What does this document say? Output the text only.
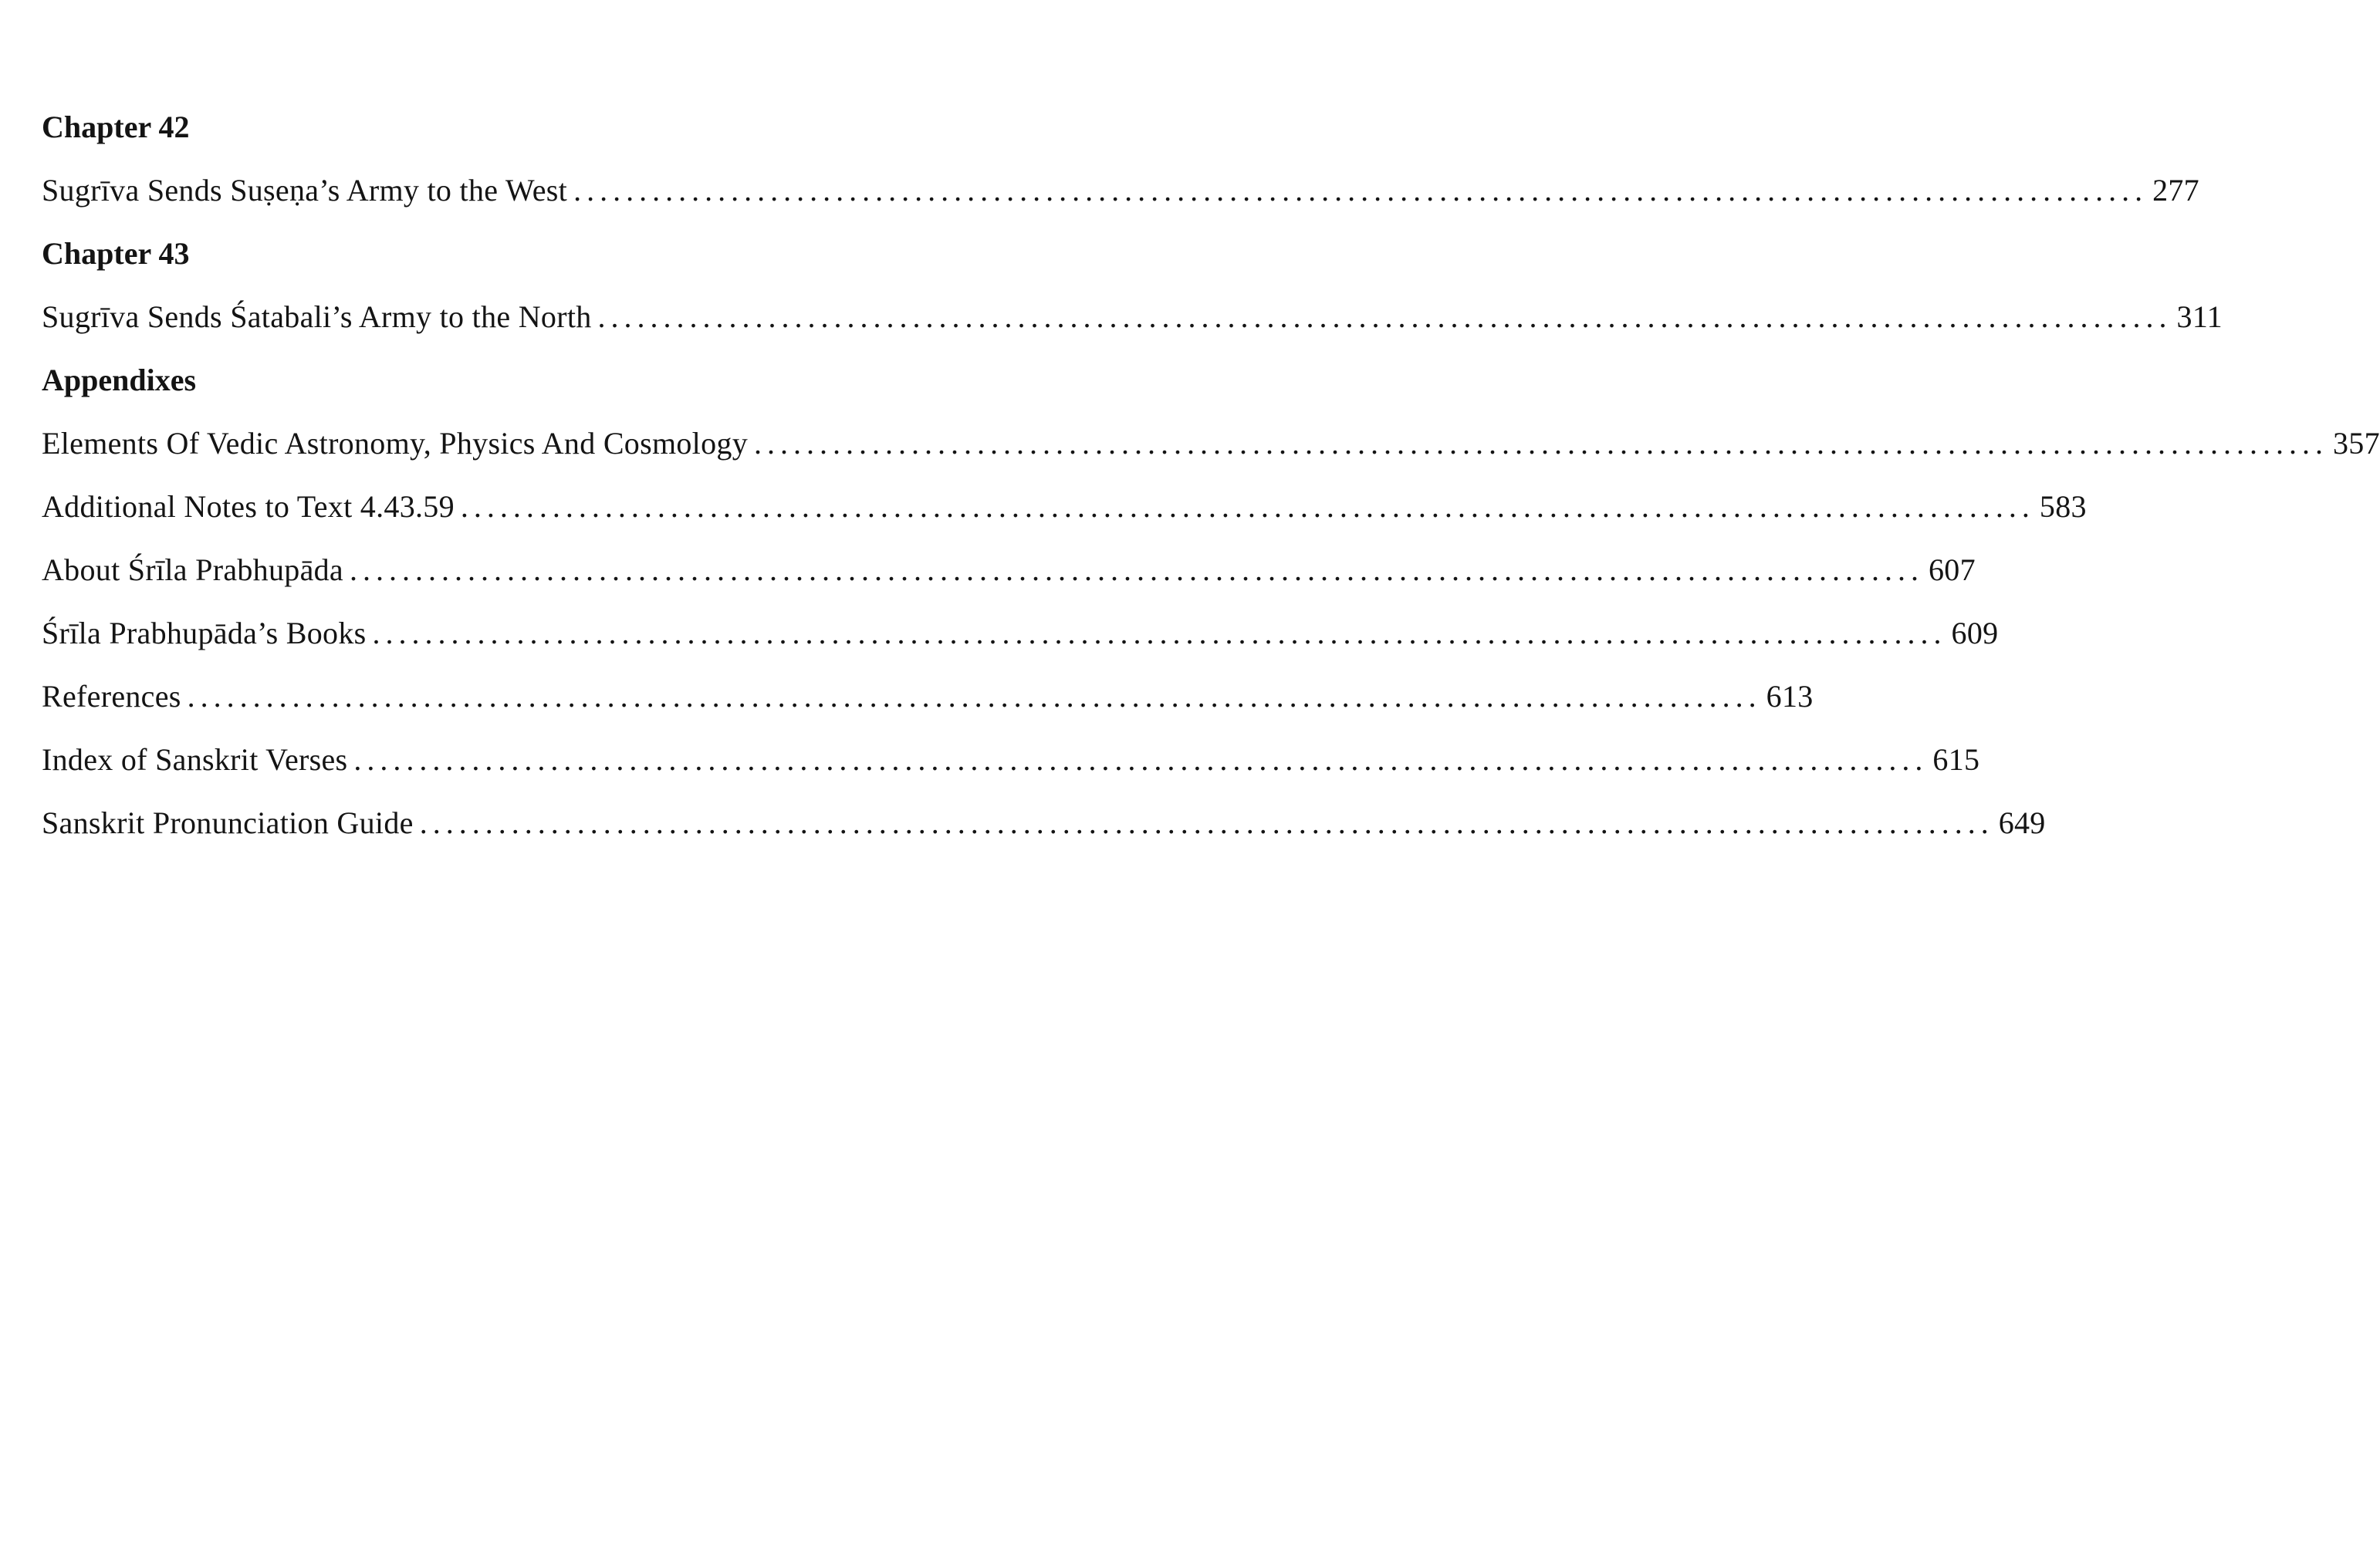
Chapter 42
Sugrīva Sends Suṣeṇa’s Army to the West ........................................................................................................................ 277
Chapter 43
Sugrīva Sends Śatabali’s Army to the North ........................................................................................................................ 311
Appendixes
Elements Of Vedic Astronomy, Physics And Cosmology ........................................................................................................................ 357
Additional Notes to Text 4.43.59 ........................................................................................................................ 583
About Śrīla Prabhupāda ........................................................................................................................ 607
Śrīla Prabhupāda’s Books ........................................................................................................................ 609
References ........................................................................................................................ 613
Index of Sanskrit Verses ........................................................................................................................ 615
Sanskrit Pronunciation Guide ........................................................................................................................ 649
